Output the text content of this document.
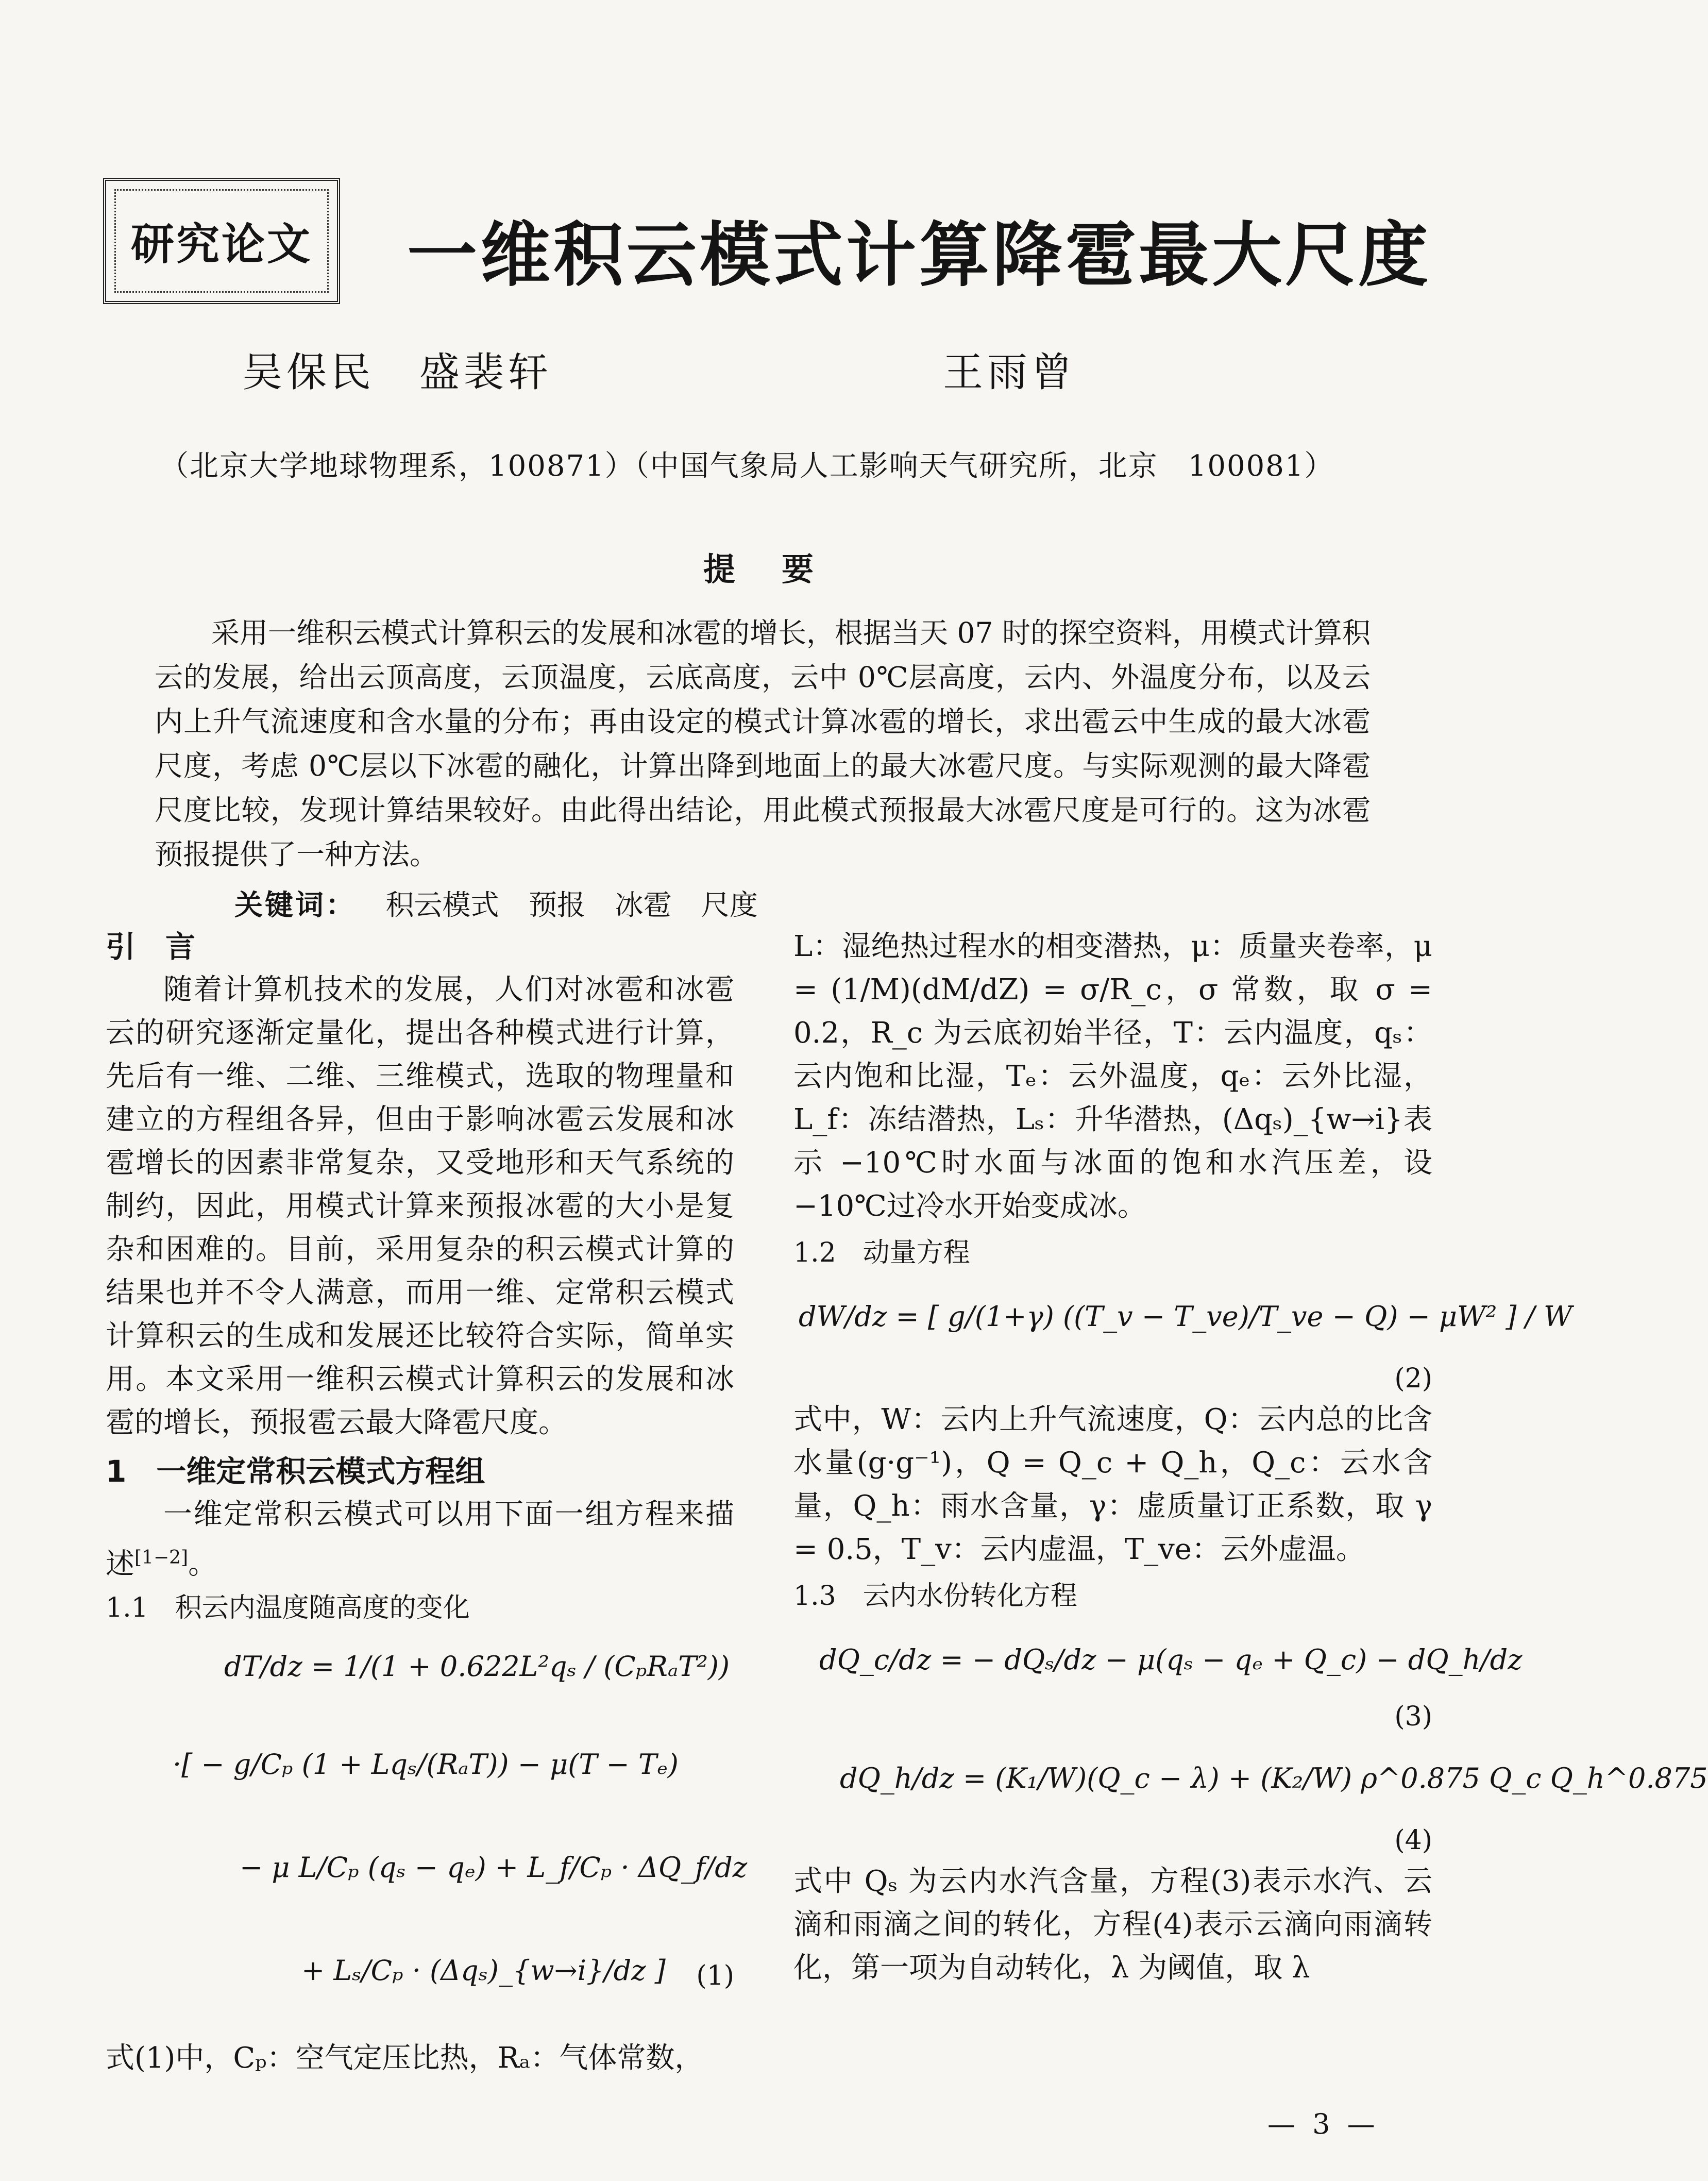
研究论文 一维积云模式计算降雹最大尺度
吴保民　盛裴轩	王雨曾
（北京大学地球物理系，100871）（中国气象局人工影响天气研究所，北京　100081）
提要

采用一维积云模式计算积云的发展和冰雹的增长，根据当天 07 时的探空资料，用模式计算积云的发展，给出云顶高度，云顶温度，云底高度，云中 0℃层高度，云内、外温度分布，以及云内上升气流速度和含水量的分布；再由设定的模式计算冰雹的增长，求出雹云中生成的最大冰雹尺度，考虑 0℃层以下冰雹的融化，计算出降到地面上的最大冰雹尺度。与实际观测的最大降雹尺度比较，发现计算结果较好。由此得出结论，用此模式预报最大冰雹尺度是可行的。这为冰雹预报提供了一种方法。

关键词： 积云模式 预报 冰雹 尺度
引　言

随着计算机技术的发展，人们对冰雹和冰雹云的研究逐渐定量化，提出各种模式进行计算，先后有一维、二维、三维模式，选取的物理量和建立的方程组各异，但由于影响冰雹云发展和冰雹增长的因素非常复杂，又受地形和天气系统的制约，因此，用模式计算来预报冰雹的大小是复杂和困难的。目前，采用复杂的积云模式计算的结果也并不令人满意，而用一维、定常积云模式计算积云的生成和发展还比较符合实际，简单实用。本文采用一维积云模式计算积云的发展和冰雹的增长，预报雹云最大降雹尺度。

1　一维定常积云模式方程组

一维定常积云模式可以用下面一组方程来描述[1−2]。

1.1　积云内温度随高度的变化
dT/dz = 1/(1 + 0.622L²qₛ / (CₚRₐT²))
·[ − g/Cₚ (1 + Lqₛ/(RₐT)) − μ(T − Tₑ)
− μ L/Cₚ (qₛ − qₑ) + L_f/Cₚ · ΔQ_f/dz
+ Lₛ/Cₚ · (Δqₛ)_{w→i}/dz ] (1)

式(1)中，Cₚ：空气定压比热，Rₐ：气体常数，

L：湿绝热过程水的相变潜热，μ：质量夹卷率，μ = (1/M)(dM/dZ) = σ/R_c，σ 常数，取 σ = 0.2，R_c 为云底初始半径，T：云内温度，qₛ：云内饱和比湿，Tₑ：云外温度，qₑ：云外比湿，L_f：冻结潜热，Lₛ：升华潜热，(Δqₛ)_{w→i}表示 −10℃时水面与冰面的饱和水汽压差，设 −10℃过冷水开始变成冰。

1.2　动量方程
dW/dz = [ g/(1+γ) ((T_v − T_ve)/T_ve − Q) − μW² ] / W
(2)

式中，W：云内上升气流速度，Q：云内总的比含水量(g·g⁻¹)，Q = Q_c + Q_h，Q_c：云水含量，Q_h：雨水含量，γ：虚质量订正系数，取 γ = 0.5，T_v：云内虚温，T_ve：云外虚温。

1.3　云内水份转化方程
dQ_c/dz = − dQₛ/dz − μ(qₛ − qₑ + Q_c) − dQ_h/dz
(3)
dQ_h/dz = (K₁/W)(Q_c − λ) + (K₂/W) ρ^0.875 Q_c Q_h^0.875
(4)

式中 Qₛ 为云内水汽含量，方程(3)表示水汽、云滴和雨滴之间的转化，方程(4)表示云滴向雨滴转化，第一项为自动转化，λ 为阈值，取 λ

— 3 —
